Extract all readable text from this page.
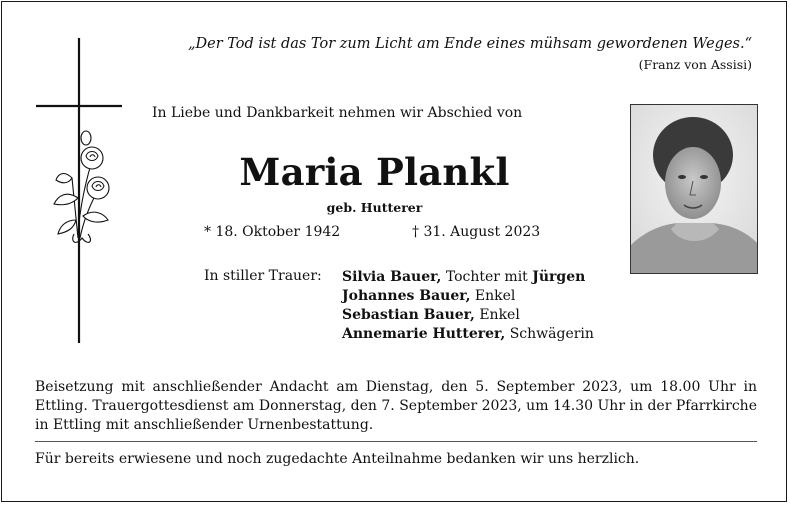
„Der Tod ist das Tor zum Licht am Ende eines mühsam gewordenen Weges.“
(Franz von Assisi)
In Liebe und Dankbarkeit nehmen wir Abschied von
Maria Plankl
geb. Hutterer
* 18. Oktober 1942	† 31. August 2023
In stiller Trauer: Silvia Bauer, Tochter mit Jürgen
Johannes Bauer, Enkel
Sebastian Bauer, Enkel
Annemarie Hutterer, Schwägerin
Beisetzung mit anschließender Andacht am Dienstag, den 5. September 2023, um 18.00 Uhr in Ettling. Trauergottesdienst am Donnerstag, den 7. September 2023, um 14.30 Uhr in der Pfarrkirche in Ettling mit anschließender Urnenbestattung.
Für bereits erwiesene und noch zugedachte Anteilnahme bedanken wir uns herzlich.
